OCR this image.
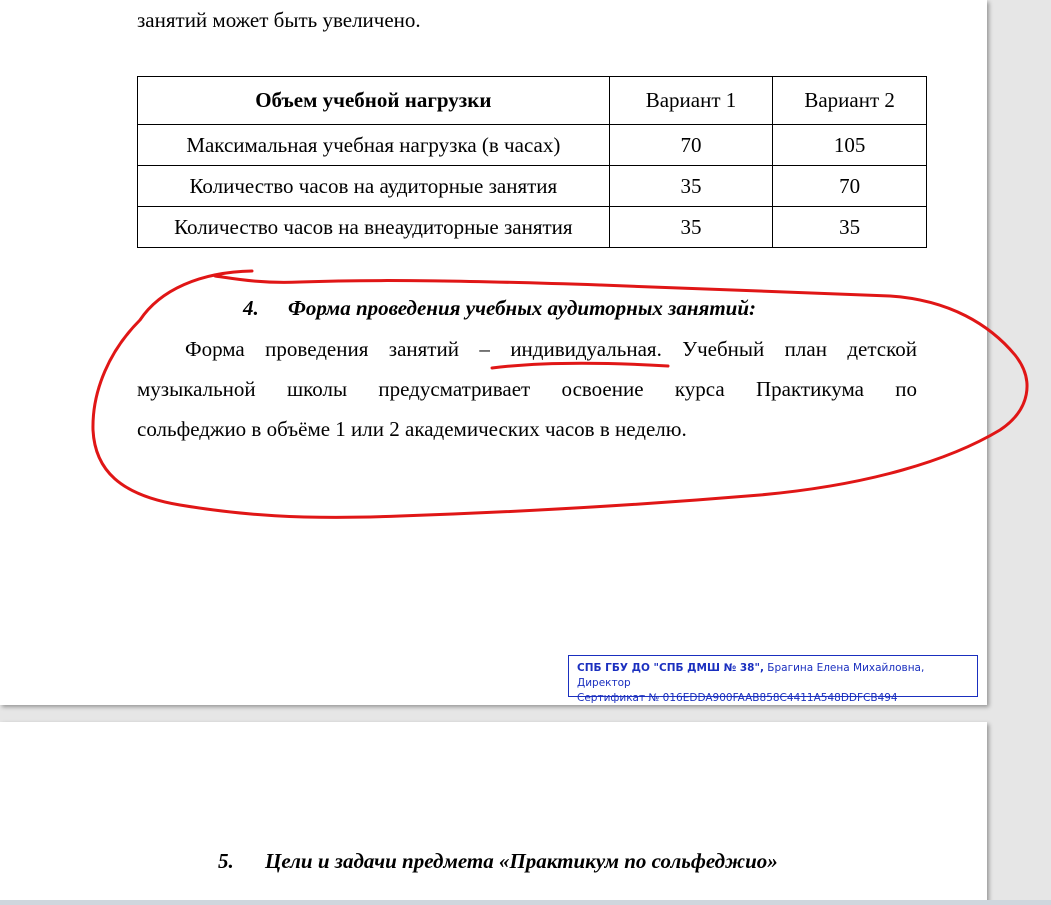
занятий может быть увеличено.
Объем учебной нагрузки	Вариант 1	Вариант 2
Максимальная учебная нагрузка (в часах)	70	105
Количество часов на аудиторные занятия	35	70
Количество часов на внеаудиторные занятия	35	35
4. Форма проведения учебных аудиторных занятий:
Форма проведения занятий – индивидуальная. Учебный план детской
музыкальной школы предусматривает освоение курса Практикума по
сольфеджио в объёме 1 или 2 академических часов в неделю.
СПБ ГБУ ДО "СПБ ДМШ № 38", Брагина Елена Михайловна, Директор
Сертификат № 016EDDA900FAAB858C4411A548DDFCB494
5. Цели и задачи предмета «Практикум по сольфеджио»
